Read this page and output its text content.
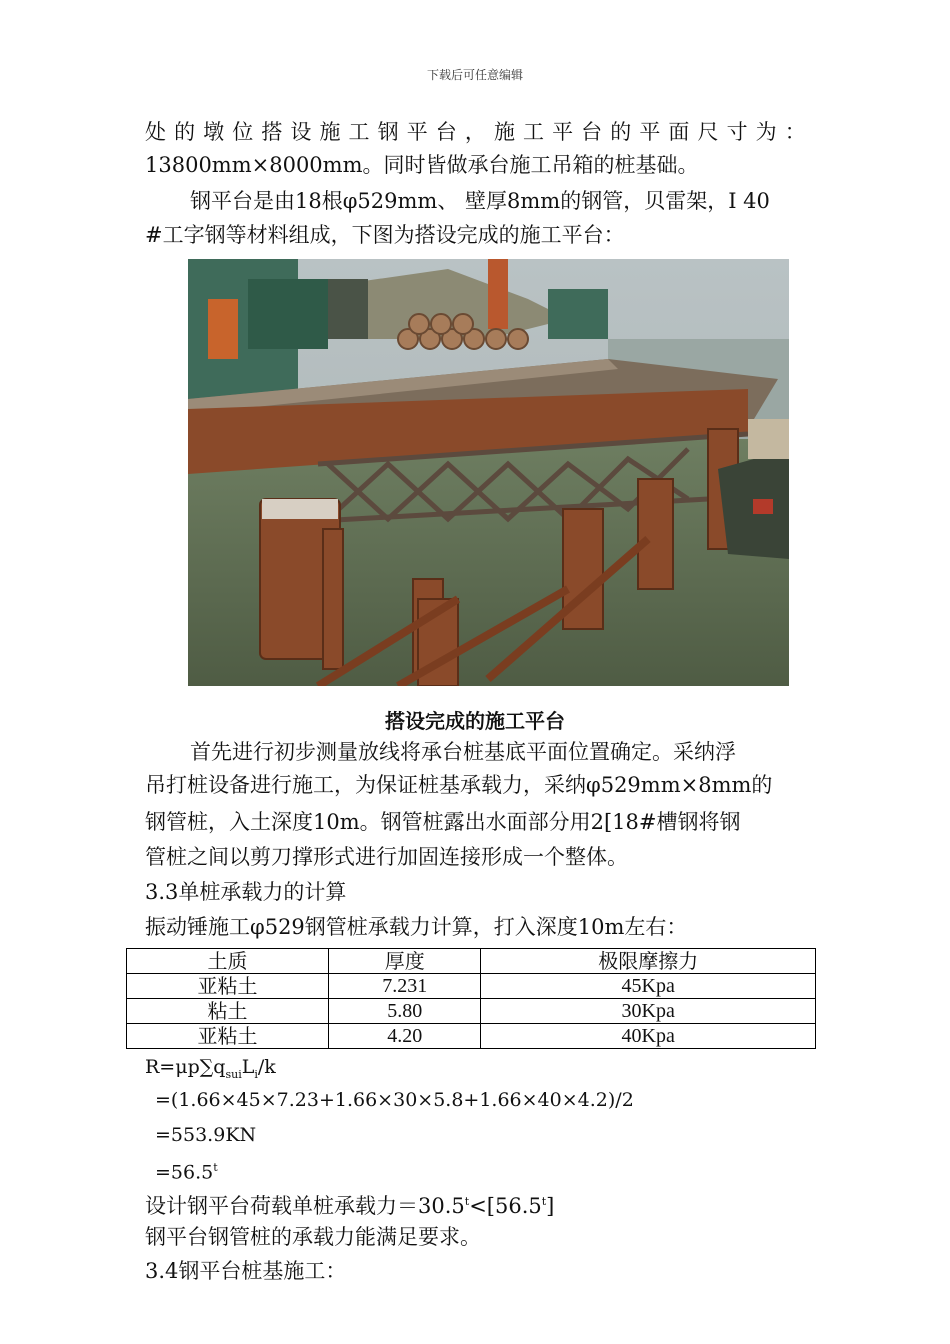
下载后可任意编辑
处 的 墩 位 搭 设 施 工 钢 平 台 ， 施 工 平 台 的 平 面 尺 寸 为 ：
13800mm×8000mm。同时皆做承台施工吊箱的桩基础。
钢平台是由18根φ529mm、 壁厚8mm的钢管，贝雷架，I 40
#工字钢等材料组成，下图为搭设完成的施工平台：
搭设完成的施工平台
首先进行初步测量放线将承台桩基底平面位置确定。采纳浮
吊打桩设备进行施工，为保证桩基承载力，采纳φ529mm×8mm的
钢管桩，入土深度10m。钢管桩露出水面部分用2[18#槽钢将钢
管桩之间以剪刀撑形式进行加固连接形成一个整体。
3.3单桩承载力的计算
振动锤施工φ529钢管桩承载力计算，打入深度10m左右：
土质	厚度	极限摩擦力
亚粘土	7.231	45Kpa
粘土	5.80	30Kpa
亚粘土	4.20	40Kpa
$R=\mu p\sum q_{sui}L_i/k$
=(1.66×45×7.23+1.66×30×5.8+1.66×40×4.2)/2
=553.9KN
$=56.5^t$
设计钢平台荷载单桩承载力$=30.5^t<[56.5^t]$
钢平台钢管桩的承载力能满足要求。
3.4钢平台桩基施工：
